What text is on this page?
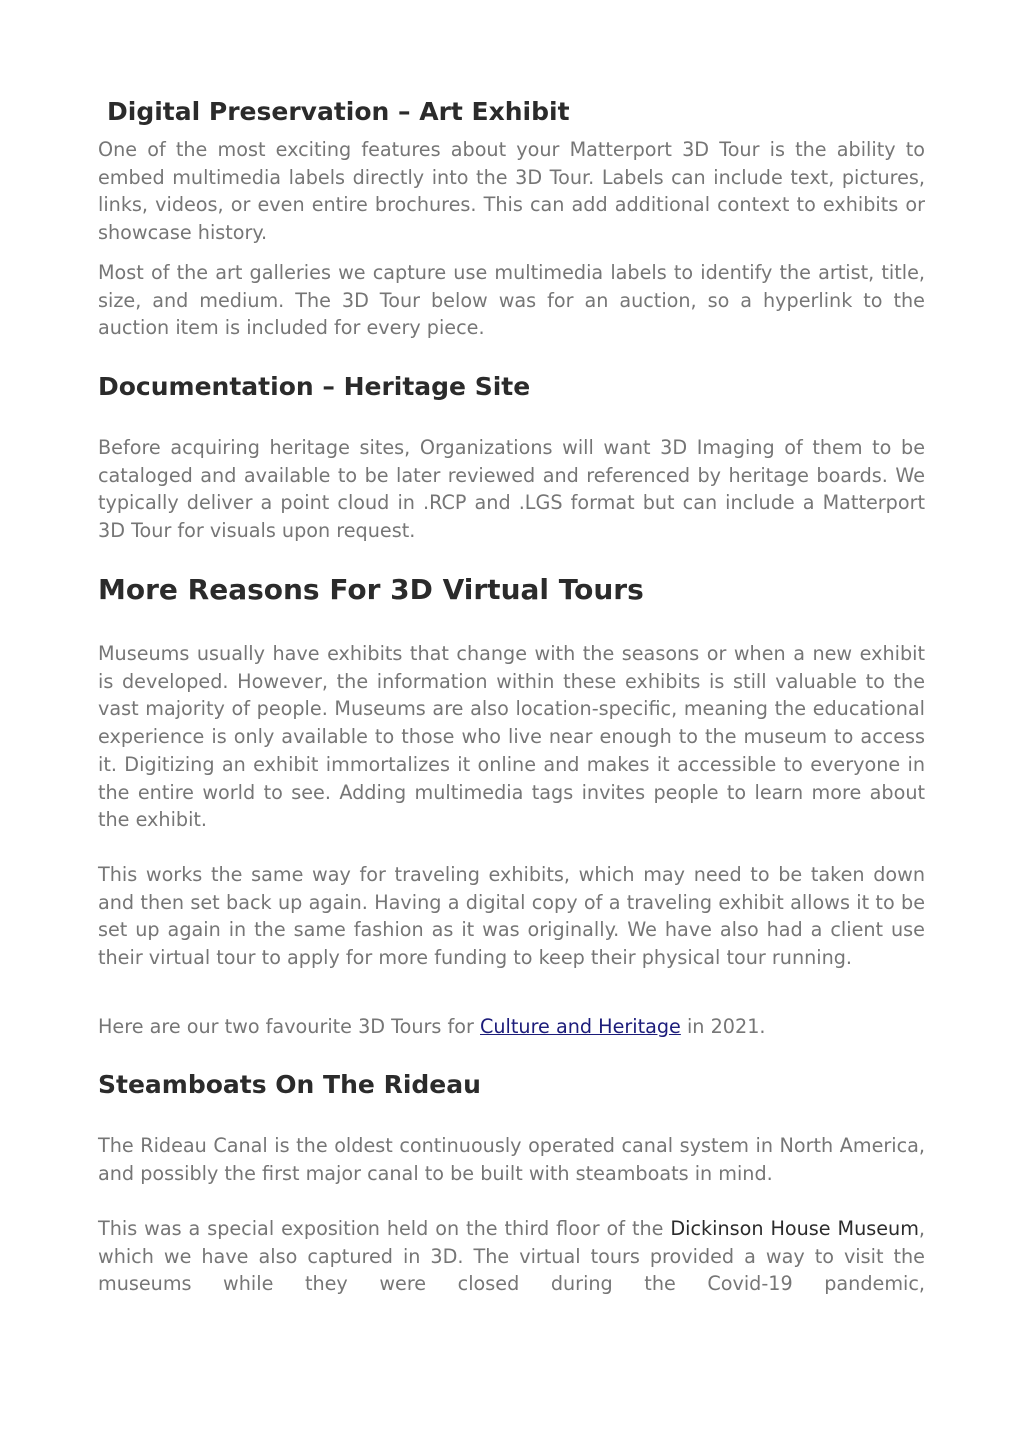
Digital Preservation – Art Exhibit

One of the most exciting features about your Matterport 3D Tour is the ability to embed multimedia labels directly into the 3D Tour. Labels can include text, pictures, links, videos, or even entire brochures. This can add additional context to exhibits or showcase history.

Most of the art galleries we capture use multimedia labels to identify the artist, title, size, and medium. The 3D Tour below was for an auction, so a hyperlink to the auction item is included for every piece.

Documentation – Heritage Site

Before acquiring heritage sites, Organizations will want 3D Imaging of them to be cataloged and available to be later reviewed and referenced by heritage boards. We typically deliver a point cloud in .RCP and .LGS format but can include a Matterport 3D Tour for visuals upon request.

More Reasons For 3D Virtual Tours

Museums usually have exhibits that change with the seasons or when a new exhibit is developed. However, the information within these exhibits is still valuable to the vast majority of people. Museums are also location-specific, meaning the educational experience is only available to those who live near enough to the museum to access it. Digitizing an exhibit immortalizes it online and makes it accessible to everyone in the entire world to see. Adding multimedia tags invites people to learn more about the exhibit.

This works the same way for traveling exhibits, which may need to be taken down and then set back up again. Having a digital copy of a traveling exhibit allows it to be set up again in the same fashion as it was originally. We have also had a client use their virtual tour to apply for more funding to keep their physical tour running.

Here are our two favourite 3D Tours for Culture and Heritage in 2021.

Steamboats On The Rideau

The Rideau Canal is the oldest continuously operated canal system in North America, and possibly the first major canal to be built with steamboats in mind.

This was a special exposition held on the third floor of the Dickinson House Museum, which we have also captured in 3D. The virtual tours provided a way to visit the museums while they were closed during the Covid-19 pandemic,
